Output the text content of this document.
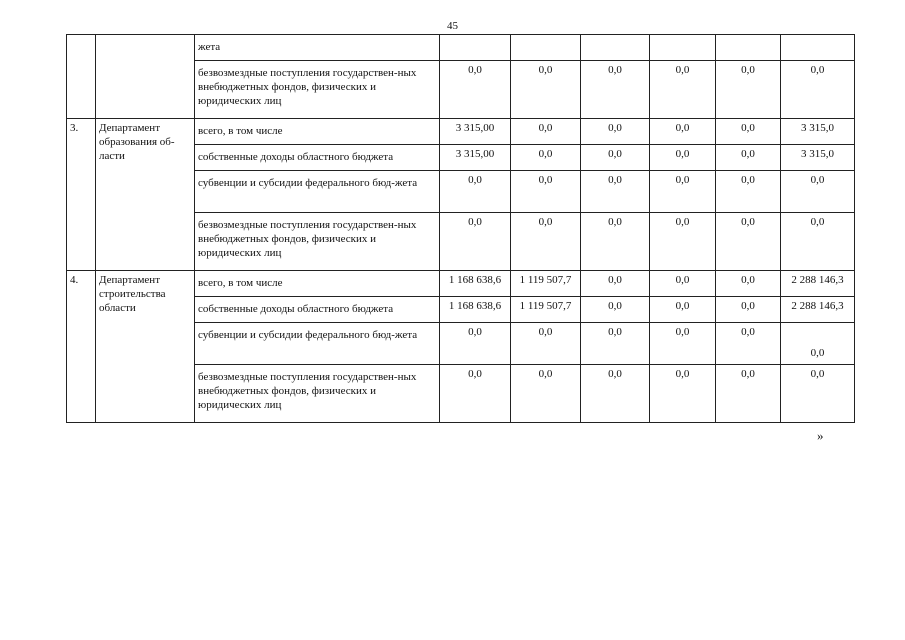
45
		жета						
		безвозмездные поступления государствен-ных внебюджетных фондов, физических и юридических лиц	0,0	0,0	0,0	0,0	0,0	0,0
3.	Департамент образования об-ласти	всего, в том числе	3 315,00	0,0	0,0	0,0	0,0	3 315,0
		собственные доходы областного бюджета	3 315,00	0,0	0,0	0,0	0,0	3 315,0
		субвенции и субсидии федерального бюд-жета	0,0	0,0	0,0	0,0	0,0	0,0
		безвозмездные поступления государствен-ных внебюджетных фондов, физических и юридических лиц	0,0	0,0	0,0	0,0	0,0	0,0
4.	Департамент строительства области	всего, в том числе	1 168 638,6	1 119 507,7	0,0	0,0	0,0	2 288 146,3
		собственные доходы областного бюджета	1 168 638,6	1 119 507,7	0,0	0,0	0,0	2 288 146,3
		субвенции и субсидии федерального бюд-жета	0,0	0,0	0,0	0,0	0,0	0,0
		безвозмездные поступления государствен-ных внебюджетных фондов, физических и юридических лиц	0,0	0,0	0,0	0,0	0,0	0,0
»
